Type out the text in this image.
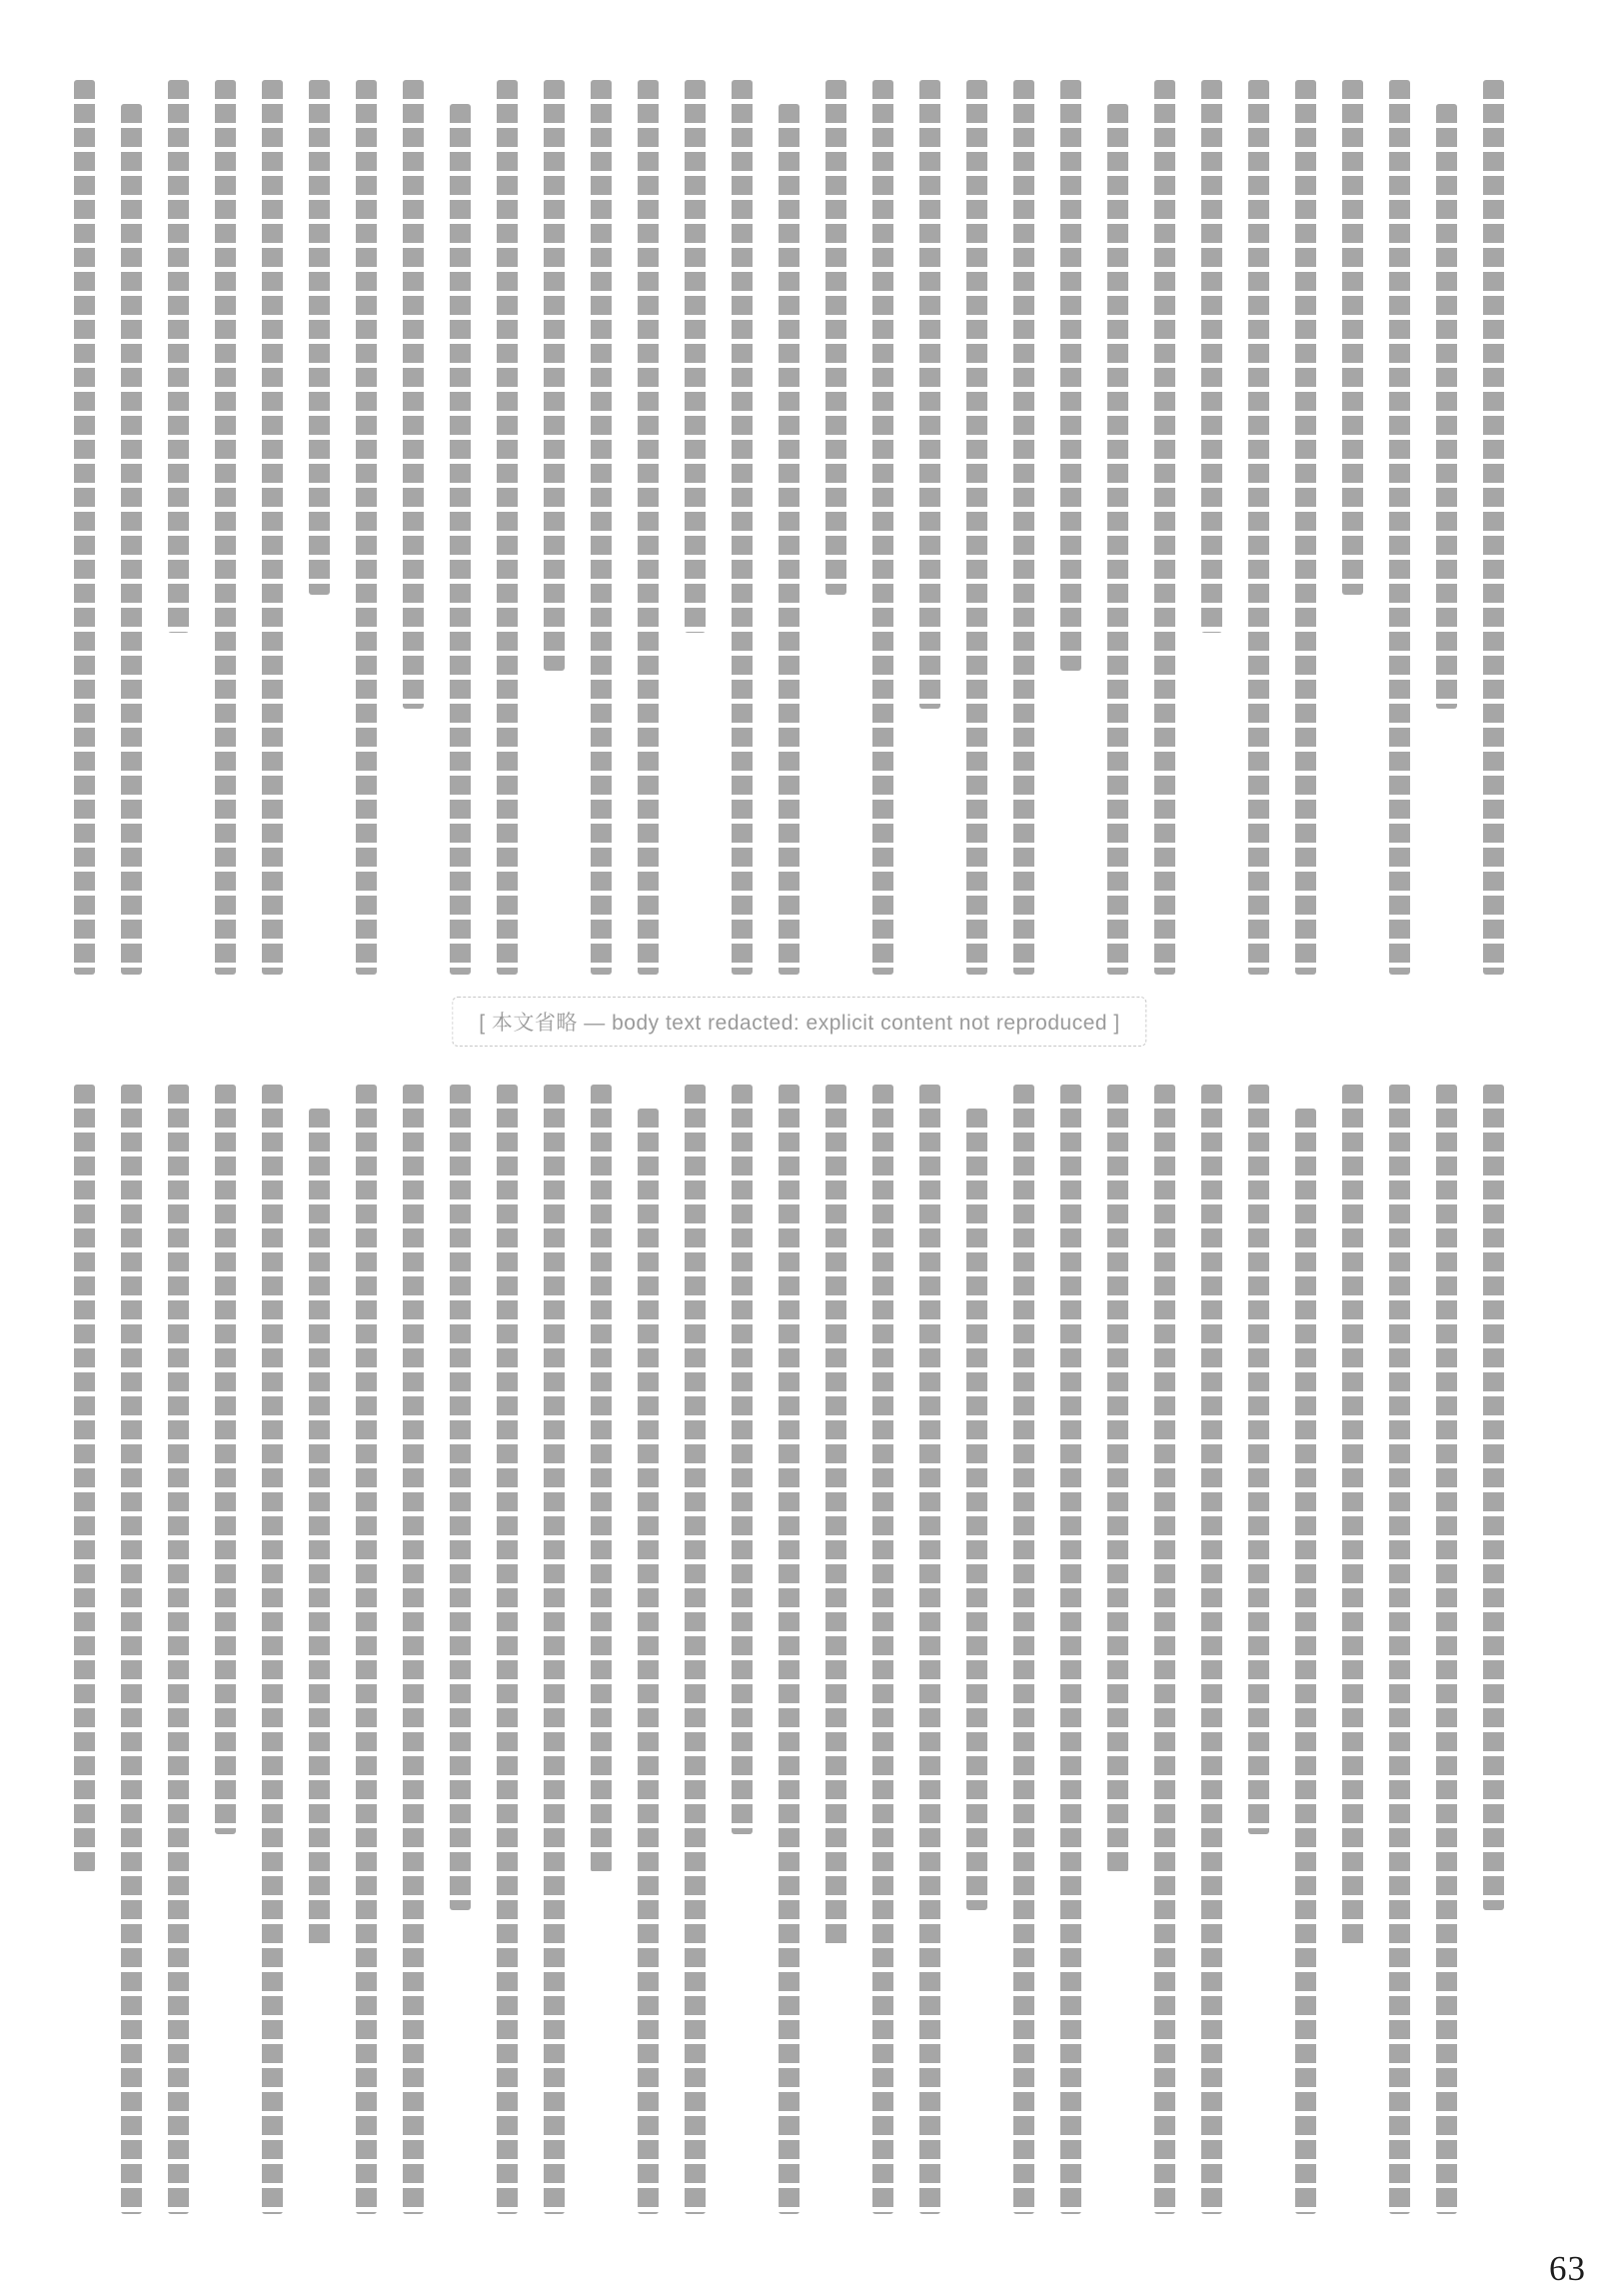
[ 本文省略 — body text redacted: explicit content not reproduced ]
63
